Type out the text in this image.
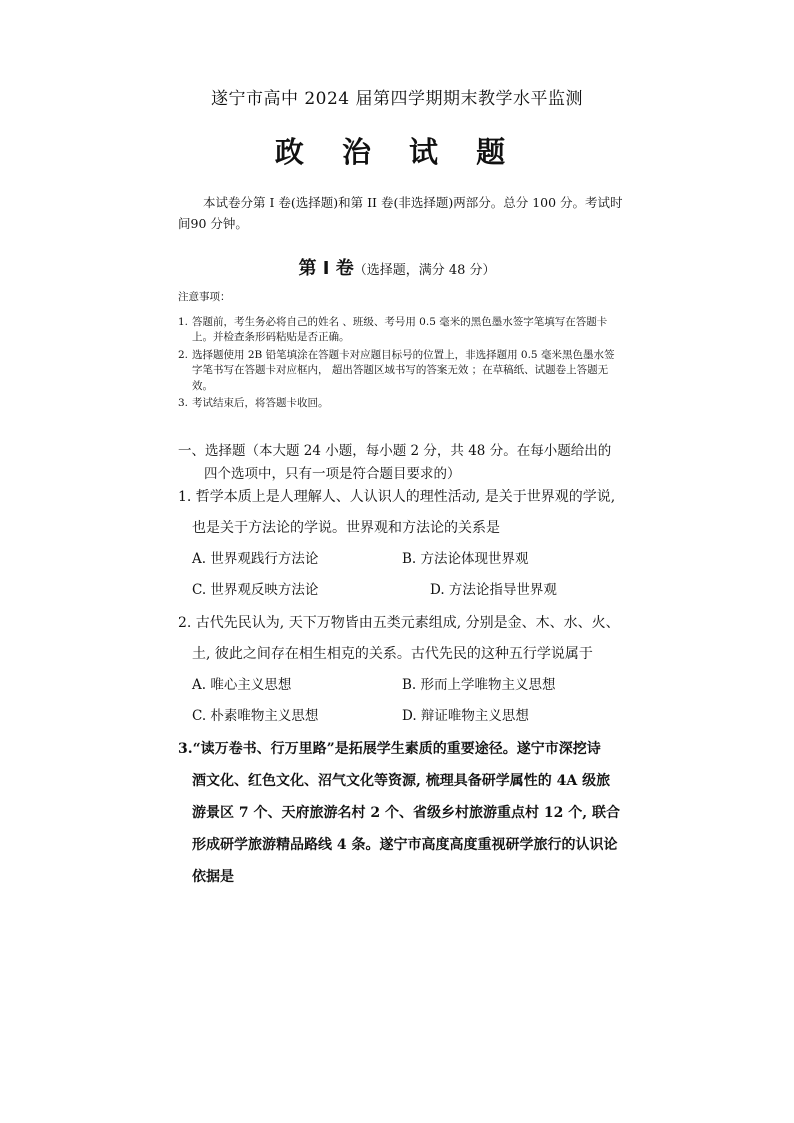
遂宁市高中 2024 届第四学期期末教学水平监测
政 治 试 题
本试卷分第 I 卷(选择题)和第 II 卷(非选择题)两部分。总分 100 分。考试时间90 分钟。
第 Ⅰ 卷（选择题，满分 48 分）
注意事项：
1. 答题前，考生务必将自己的姓名 、班级、考号用 0.5 毫米的黑色墨水签字笔填写在答题卡上。并检查条形码粘贴是否正确。
2. 选择题使用 2B 铅笔填涂在答题卡对应题目标号的位置上，非选择题用 0.5 毫米黑色墨水签字笔书写在答题卡对应框内， 超出答题区域书写的答案无效 ；在草稿纸、试题卷上答题无效。
3. 考试结束后，将答题卡收回。
一、选择题（本大题 24 小题，每小题 2 分，共 48 分。在每小题给出的
四个选项中，只有一项是符合题目要求的）
1. 哲学本质上是人理解人、人认识人的理性活动, 是关于世界观的学说,
也是关于方法论的学说。世界观和方法论的关系是
A. 世界观践行方法论	B. 方法论体现世界观
C. 世界观反映方法论	D. 方法论指导世界观
2. 古代先民认为, 天下万物皆由五类元素组成, 分别是金、木、水、火、
土, 彼此之间存在相生相克的关系。古代先民的这种五行学说属于
A. 唯心主义思想	B. 形而上学唯物主义思想
C. 朴素唯物主义思想	D. 辩证唯物主义思想
3.“读万卷书、行万里路”是拓展学生素质的重要途径。遂宁市深挖诗
酒文化、红色文化、沼气文化等资源, 梳理具备研学属性的 4A 级旅
游景区 7 个、天府旅游名村 2 个、省级乡村旅游重点村 12 个, 联合
形成研学旅游精品路线 4 条。遂宁市高度高度重视研学旅行的认识论
依据是
